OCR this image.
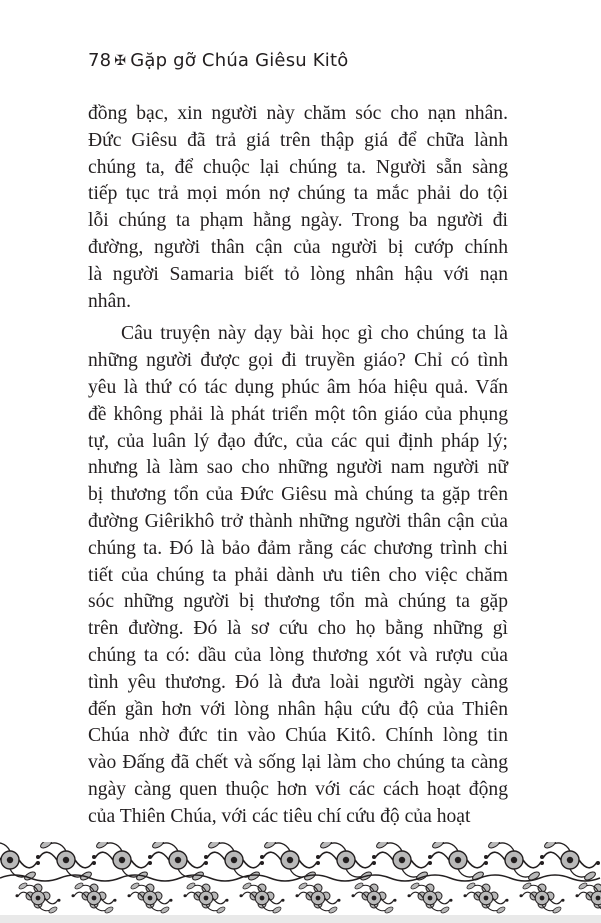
78 ✠ Gặp gỡ Chúa Giêsu Kitô
đồng bạc, xin người này chăm sóc cho nạn nhân.
Đức Giêsu đã trả giá trên thập giá để chữa lành
chúng ta, để chuộc lại chúng ta. Người sẵn sàng
tiếp tục trả mọi món nợ chúng ta mắc phải do tội
lỗi chúng ta phạm hằng ngày. Trong ba người đi
đường, người thân cận của người bị cướp chính
là người Samaria biết tỏ lòng nhân hậu với nạn
nhân.
Câu truyện này dạy bài học gì cho chúng ta là
những người được gọi đi truyền giáo? Chỉ có tình
yêu là thứ có tác dụng phúc âm hóa hiệu quả. Vấn
đề không phải là phát triển một tôn giáo của phụng
tự, của luân lý đạo đức, của các qui định pháp lý;
nhưng là làm sao cho những người nam người nữ
bị thương tổn của Đức Giêsu mà chúng ta gặp trên
đường Giêrikhô trở thành những người thân cận của
chúng ta. Đó là bảo đảm rằng các chương trình chi
tiết của chúng ta phải dành ưu tiên cho việc chăm
sóc những người bị thương tổn mà chúng ta gặp
trên đường. Đó là sơ cứu cho họ bằng những gì
chúng ta có: dầu của lòng thương xót và rượu của
tình yêu thương. Đó là đưa loài người ngày càng
đến gần hơn với lòng nhân hậu cứu độ của Thiên
Chúa nhờ đức tin vào Chúa Kitô. Chính lòng tin
vào Đấng đã chết và sống lại làm cho chúng ta càng
ngày càng quen thuộc hơn với các cách hoạt động
của Thiên Chúa, với các tiêu chí cứu độ của hoạt
